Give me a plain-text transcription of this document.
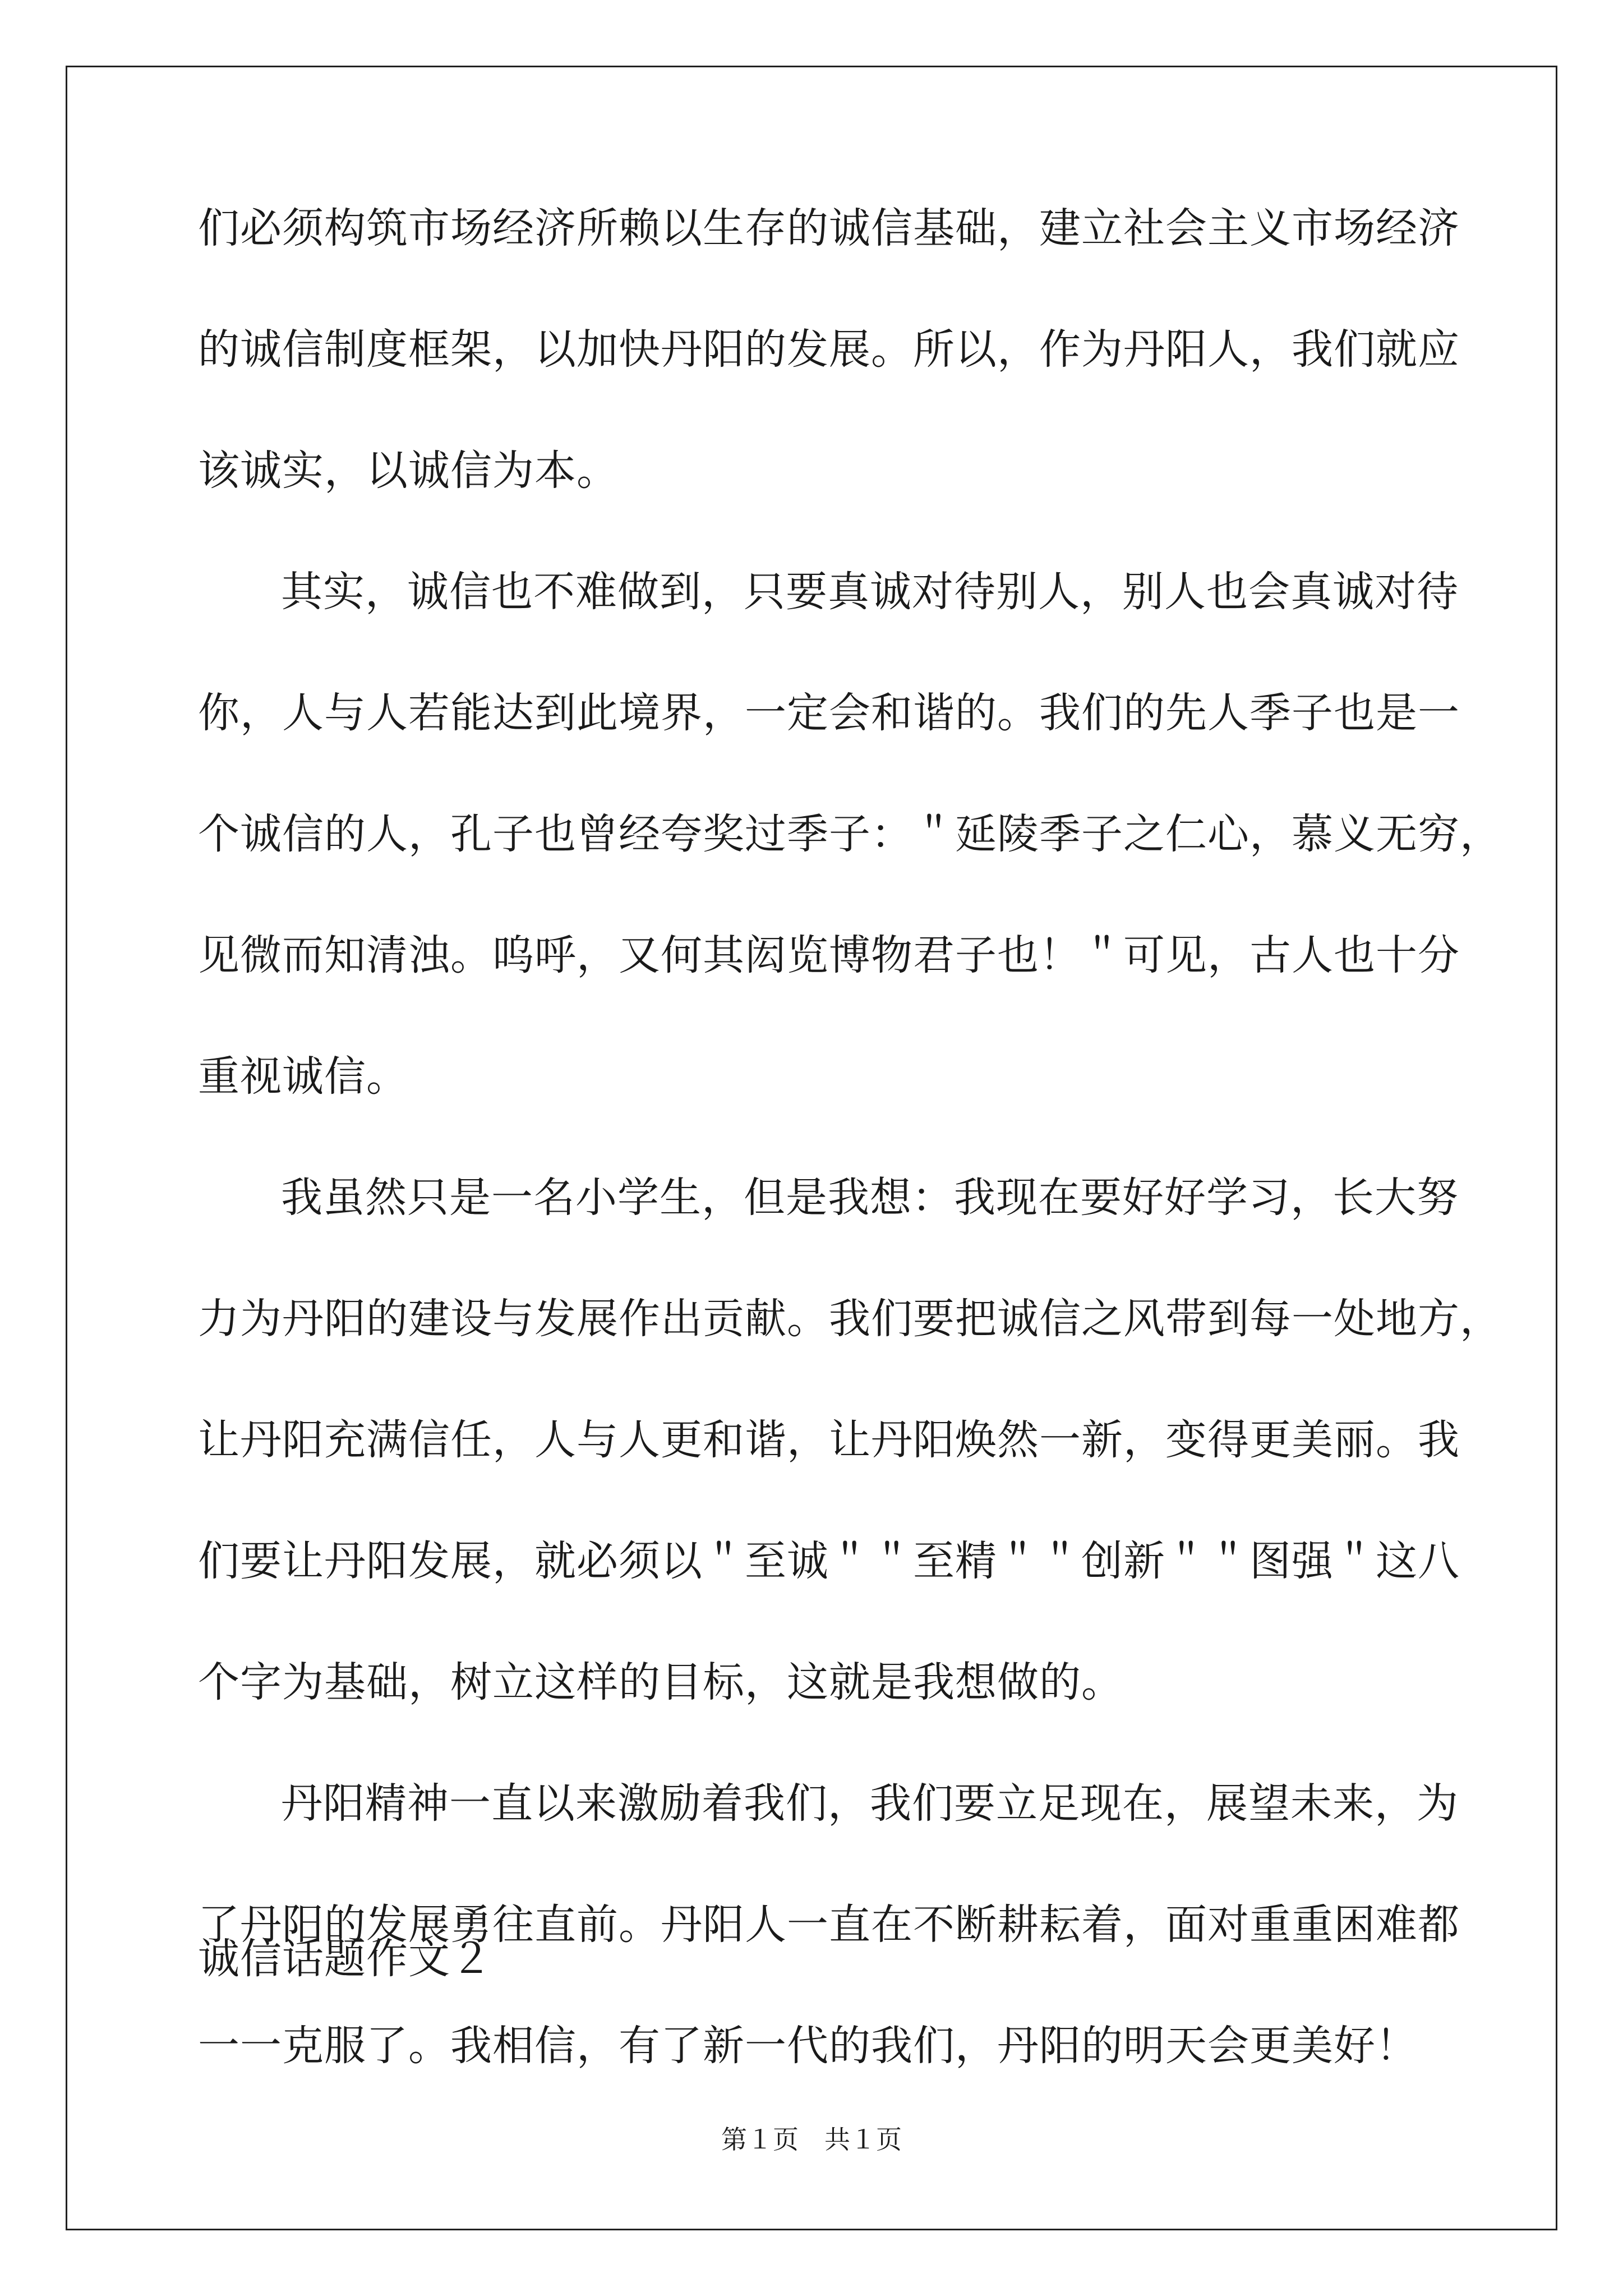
们必须构筑市场经济所赖以生存的诚信基础，建立社会主义市场经济
的诚信制度框架，以加快丹阳的发展。所以，作为丹阳人，我们就应
该诚实，以诚信为本。
其实，诚信也不难做到，只要真诚对待别人，别人也会真诚对待
你，人与人若能达到此境界，一定会和谐的。我们的先人季子也是一
个诚信的人，孔子也曾经夸奖过季子：＂延陵季子之仁心，慕义无穷，
见微而知清浊。呜呼，又何其闳览博物君子也！＂可见，古人也十分
重视诚信。
我虽然只是一名小学生，但是我想：我现在要好好学习，长大努
力为丹阳的建设与发展作出贡献。我们要把诚信之风带到每一处地方，
让丹阳充满信任，人与人更和谐，让丹阳焕然一新，变得更美丽。我
们要让丹阳发展，就必须以＂至诚＂＂至精＂＂创新＂＂图强＂这八
个字为基础，树立这样的目标，这就是我想做的。
丹阳精神一直以来激励着我们，我们要立足现在，展望未来，为
了丹阳的发展勇往直前。丹阳人一直在不断耕耘着，面对重重困难都
一一克服了。我相信，有了新一代的我们，丹阳的明天会更美好！
诚信话题作文２
第１页　共１页
